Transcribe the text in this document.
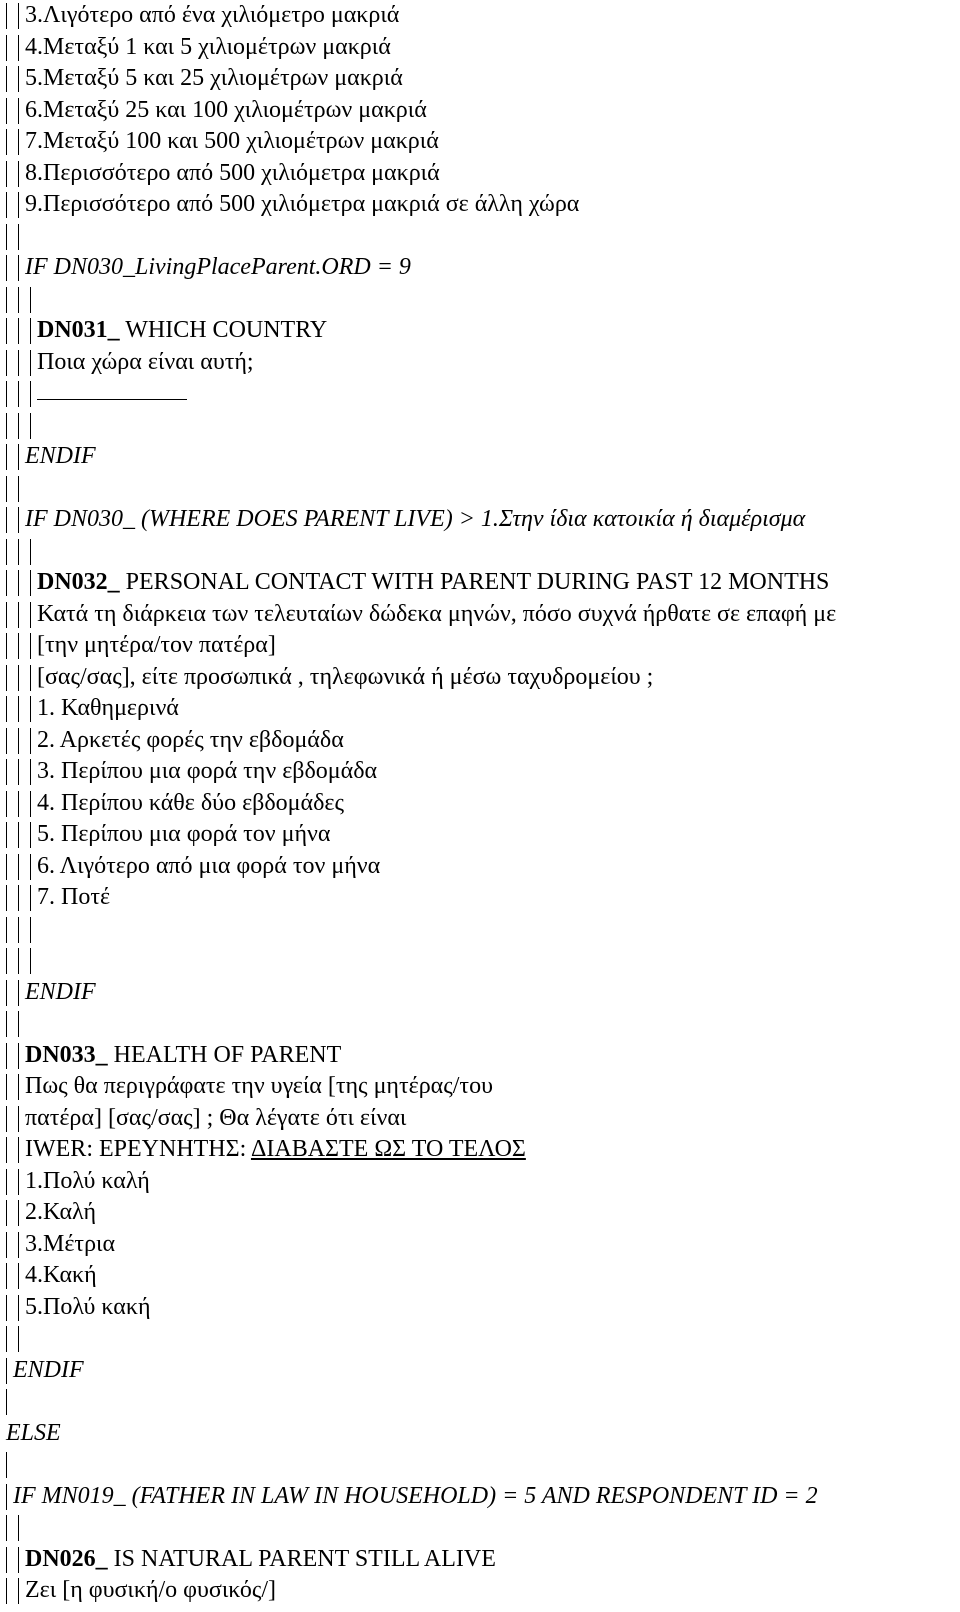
3.Λιγότερο από ένα χιλιόμετρο μακριά
4.Μεταξύ 1 και 5 χιλιομέτρων μακριά
5.Μεταξύ 5 και 25 χιλιομέτρων μακριά
6.Μεταξύ 25 και 100 χιλιομέτρων μακριά
7.Μεταξύ 100 και 500 χιλιομέτρων μακριά
8.Περισσότερο από 500 χιλιόμετρα μακριά
9.Περισσότερο από 500 χιλιόμετρα μακριά σε άλλη χώρα
IF DN030_LivingPlaceParent.ORD = 9
DN031_ WHICH COUNTRY
Ποια χώρα είναι αυτή;
ENDIF
IF DN030_ (WHERE DOES PARENT LIVE) > 1.Στην ίδια κατοικία ή διαμέρισμα
DN032_ PERSONAL CONTACT WITH PARENT DURING PAST 12 MONTHS
Κατά τη διάρκεια των τελευταίων δώδεκα μηνών, πόσο συχνά ήρθατε σε επαφή με
[την μητέρα/τον πατέρα]
[σας/σας], είτε προσωπικά , τηλεφωνικά ή μέσω ταχυδρομείου ;
1. Καθημερινά
2. Αρκετές φορές την εβδομάδα
3. Περίπου μια φορά την εβδομάδα
4. Περίπου κάθε δύο εβδομάδες
5. Περίπου μια φορά τον μήνα
6. Λιγότερο από μια φορά τον μήνα
7. Ποτέ
ENDIF
DN033_ HEALTH OF PARENT
Πως θα περιγράφατε την υγεία [της μητέρας/του
πατέρα] [σας/σας] ; Θα λέγατε ότι είναι
IWER: ΕΡΕΥΝΗΤΗΣ: ΔΙΑΒΑΣΤΕ ΩΣ ΤΟ ΤΕΛΟΣ
1.Πολύ καλή
2.Καλή
3.Μέτρια
4.Κακή
5.Πολύ κακή
ENDIF
ELSE
IF MN019_ (FATHER IN LAW IN HOUSEHOLD) = 5 AND RESPONDENT ID = 2
DN026_ IS NATURAL PARENT STILL ALIVE
Ζει [η φυσική/ο φυσικός/]
